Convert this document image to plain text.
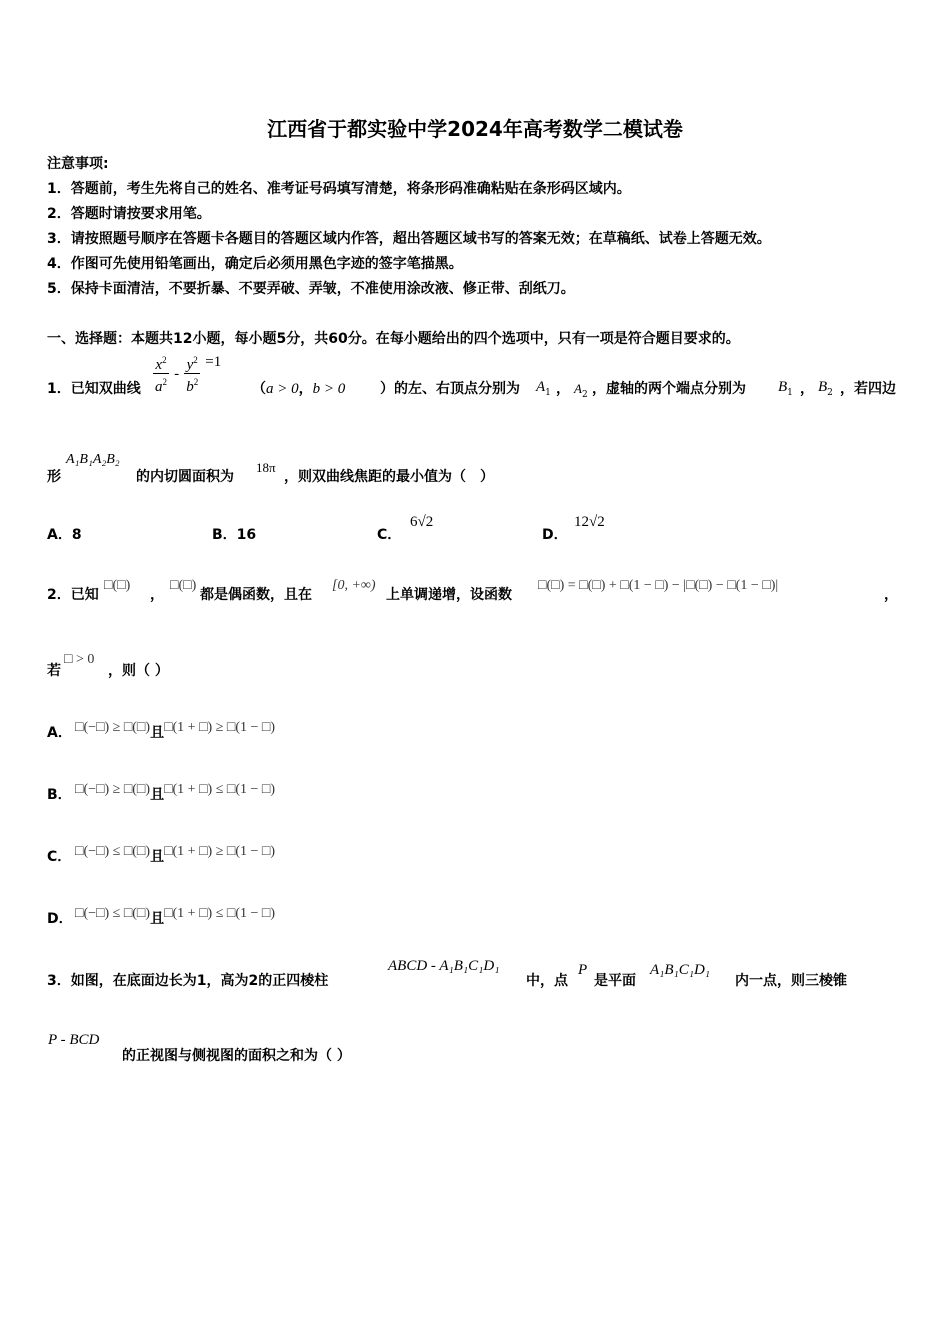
江西省于都实验中学2024年高考数学二模试卷
注意事项:
1．答题前，考生先将自己的姓名、准考证号码填写清楚，将条形码准确粘贴在条形码区域内。
2．答题时请按要求用笔。
3．请按照题号顺序在答题卡各题目的答题区域内作答，超出答题区域书写的答案无效；在草稿纸、试卷上答题无效。
4．作图可先使用铅笔画出，确定后必须用黑色字迹的签字笔描黑。
5．保持卡面清洁，不要折暴、不要弄破、弄皱，不准使用涂改液、修正带、刮纸刀。
一、选择题：本题共12小题，每小题5分，共60分。在每小题给出的四个选项中，只有一项是符合题目要求的。
1．已知双曲线 $\frac{x^2}{a^2} - \frac{y^2}{b^2} =1$
（a > 0，b > 0 ）的左、右顶点分别为 $A_1$ ， $A_2$ ，虚轴的两个端点分别为 $B_1$ ， $B_2$ ，若四边
形
A₁B₁A₂B₂
的内切圆面积为
18π
，则双曲线焦距的最小值为（　）
A．8	B．16	C．
6√2
D．
12√2
2．已知
□(□)
，
□(□)
都是偶函数，且在
[0, +∞)
上单调递增，设函数
□(□) = □(□) + □(1 − □) − |□(□) − □(1 − □)|
，
若
□ > 0
，则（ ）
A． □(−□) ≥ □(□)且□(1 + □) ≥ □(1 − □)
B． □(−□) ≥ □(□)且□(1 + □) ≤ □(1 − □)
C． □(−□) ≤ □(□)且□(1 + □) ≥ □(1 − □)
D． □(−□) ≤ □(□)且□(1 + □) ≤ □(1 − □)
3．如图，在底面边长为1，高为2的正四棱柱
ABCD - A₁B₁C₁D₁
中，点
P
是平面
A₁B₁C₁D₁
内一点，则三棱锥
P - BCD
的正视图与侧视图的面积之和为（ ）
